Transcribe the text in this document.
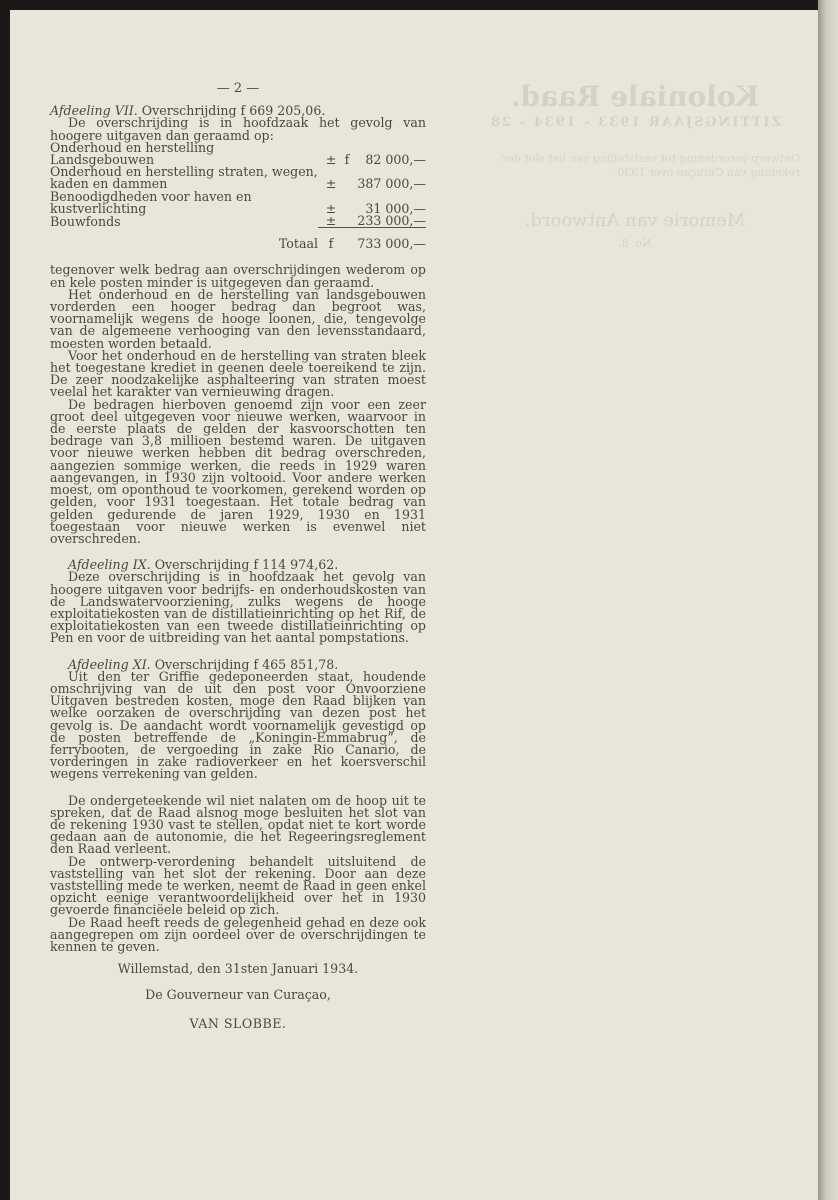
Koloniale Raad.
ZITTINGSJAAR 1933 - 1934 - 28
Ontwerp-verordening tot vaststelling van het slot der rekening van Curaçao over 1930.
Memorie van Antwoord.
No. 8.
— 2 —

Afdeeling VII. Overschrijding f 669 205,06.

De overschrijding is in hoofdzaak het gevolg van hoogere uitgaven dan geraamd op:

Onderhoud en herstelling Landsgebouwen	±	f 82 000,—
Onderhoud en herstelling straten, wegen, kaden en dammen	±	387 000,—
Benoodigdheden voor haven en kustverlichting	±	31 000,—
Bouwfonds	±	233 000,—
Totaal	f	733 000,—

tegenover welk bedrag aan overschrijdingen wederom op en kele posten minder is uitgegeven dan geraamd.

Het onderhoud en de herstelling van landsgebouwen vorderden een hooger bedrag dan begroot was, voornamelijk wegens de hooge loonen, die, tengevolge van de algemeene verhooging van den levensstandaard, moesten worden betaald.

Voor het onderhoud en de herstelling van straten bleek het toegestane krediet in geenen deele toereikend te zijn. De zeer noodzakelijke asphalteering van straten moest veelal het karakter van vernieuwing dragen.

De bedragen hierboven genoemd zijn voor een zeer groot deel uitgegeven voor nieuwe werken, waarvoor in de eerste plaats de gelden der kasvoorschotten ten bedrage van 3,8 millioen bestemd waren. De uitgaven voor nieuwe werken hebben dit bedrag overschreden, aangezien sommige werken, die reeds in 1929 waren aangevangen, in 1930 zijn voltooid. Voor andere werken moest, om oponthoud te voorkomen, gerekend worden op gelden, voor 1931 toegestaan. Het totale bedrag van gelden gedurende de jaren 1929, 1930 en 1931 toegestaan voor nieuwe werken is evenwel niet overschreden.

Afdeeling IX. Overschrijding f 114 974,62.

Deze overschrijding is in hoofdzaak het gevolg van hoogere uitgaven voor bedrijfs- en onderhoudskosten van de Landswatervoorziening, zulks wegens de hooge exploitatiekosten van de distillatieinrichting op het Rif, de exploitatiekosten van een tweede distillatieinrichting op Pen en voor de uitbreiding van het aantal pompstations.

Afdeeling XI. Overschrijding f 465 851,78.

Uit den ter Griffie gedeponeerden staat, houdende omschrijving van de uit den post voor Onvoorziene Uitgaven bestreden kosten, moge den Raad blijken van welke oorzaken de overschrijding van dezen post het gevolg is. De aandacht wordt voornamelijk gevestigd op de posten betreffende de „Koningin-Emmabrug”, de ferrybooten, de vergoeding in zake Rio Canario, de vorderingen in zake radioverkeer en het koersverschil wegens verrekening van gelden.

De ondergeteekende wil niet nalaten om de hoop uit te spreken, dat de Raad alsnog moge besluiten het slot van de rekening 1930 vast te stellen, opdat niet te kort worde gedaan aan de autonomie, die het Regeeringsreglement den Raad verleent.

De ontwerp-verordening behandelt uitsluitend de vaststelling van het slot der rekening. Door aan deze vaststelling mede te werken, neemt de Raad in geen enkel opzicht eenige verantwoordelijkheid over het in 1930 gevoerde financiëele beleid op zich.

De Raad heeft reeds de gelegenheid gehad en deze ook aangegrepen om zijn oordeel over de overschrijdingen te kennen te geven.

Willemstad, den 31sten Januari 1934.
De Gouverneur van Curaçao,
VAN SLOBBE.
